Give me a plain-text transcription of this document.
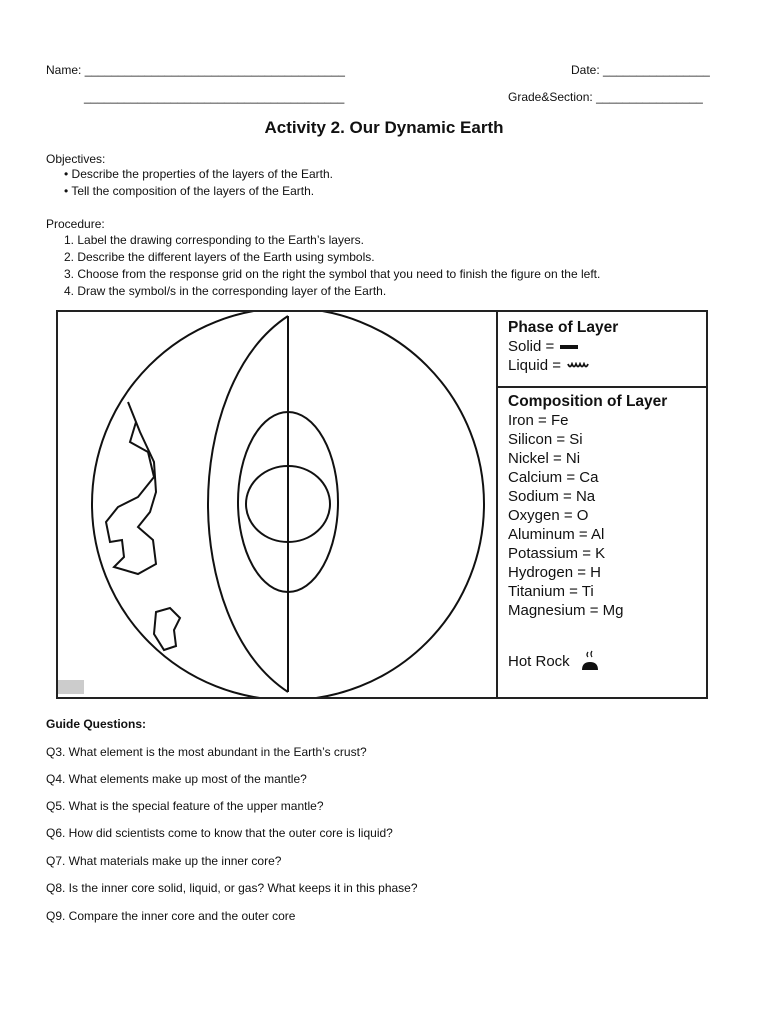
Name: _______________________________________	Date: ________________
_______________________________________	Grade&Section: ________________
Activity 2. Our Dynamic Earth
Objectives:
• Describe the properties of the layers of the Earth.
• Tell the composition of the layers of the Earth.
Procedure:
1. Label the drawing corresponding to the Earth’s layers.
2. Describe the different layers of the Earth using symbols.
3. Choose from the response grid on the right the symbol that you need to finish the figure on the left.
4. Draw the symbol/s in the corresponding layer of the Earth.
Phase of Layer
Solid =
Liquid =
Composition of Layer
Iron = Fe
Silicon = Si
Nickel = Ni
Calcium = Ca
Sodium = Na
Oxygen = O
Aluminum = Al
Potassium = K
Hydrogen = H
Titanium = Ti
Magnesium = Mg
Hot Rock
Guide Questions:
Q3. What element is the most abundant in the Earth’s crust?
Q4. What elements make up most of the mantle?
Q5. What is the special feature of the upper mantle?
Q6. How did scientists come to know that the outer core is liquid?
Q7. What materials make up the inner core?
Q8. Is the inner core solid, liquid, or gas? What keeps it in this phase?
Q9. Compare the inner core and the outer core
